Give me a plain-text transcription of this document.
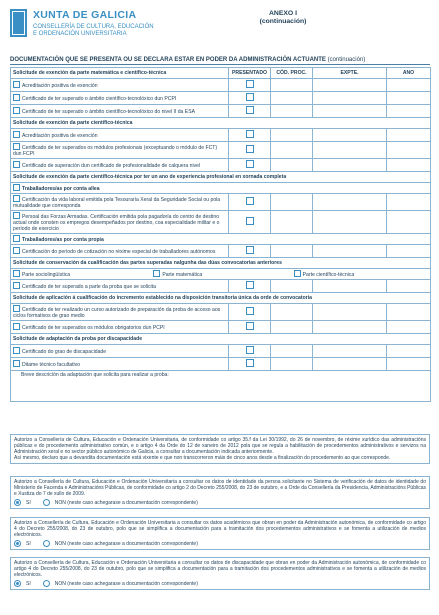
XUNTA DE GALICIA
CONSELLERÍA DE CULTURA, EDUCACIÓN
E ORDENACIÓN UNIVERSITARIA
ANEXO I
(continuación)
DOCUMENTACIÓN QUE SE PRESENTA OU SE DECLARA ESTAR EN PODER DA ADMINISTRACIÓN ACTUANTE (continuación)
Solicitude de exención da parte matemática e científico-técnica	PRESENTADO	CÓD. PROC.	EXPTE.	ANO
Acreditación positiva de exención				
Certificado de ter superado o ámbito científico-tecnolóxico dun PCPI				
Certificado de ter superado o ámbito científico-tecnolóxico do nivel II da ESA				
Solicitude de exención da parte científico-técnica				
Acreditación positiva de exención				
Certificado de ter superados os módulos profesionais (exceptuando o módulo de FCT) dun FCPI				
Certificado de superación dun certificado de profesionalidade de calquera nivel				
Solicitude de exención da parte científico-técnica por ter un ano de experiencia profesional en xornada completa				
Traballadores/as por conta allea				
Certificación da vida laboral emitida pola Tesouraría Xeral da Seguridade Social ou pola mutualidade que corresponda				
Persoal das Forzas Armadas. Certificación emitida pola pagadoría do centro de destino actual onde consten os empregos desempeñados por destino, coa especialidade militar e o período de exercicio				
Traballadores/as por conta propia				
Certificación do período de cotización no réxime especial de traballadores autónomos				
Solicitude de conservación da cualificación das partes superadas nalgunha das dúas convocatorias anteriores				

Parte sociolingüística Parte matemática Parte científico-técnica				

Certificado de ter superado a parte da proba que se solicita				
Solicitude de aplicación á cualificación do incremento establecido na disposición transitoria única da orde de convocatoria				
Certificado de ter realizado un curso autorizado de preparación da proba de acceso aos ciclos formativos de grao medio				
Certificado de ter superados os módulos obrigatorios dun PCPI				
Solicitude de adaptación da proba por discapacidade				
Certificado do grao de discapacidade				
Ditame técnico facultativo				
Breve descrición da adaptación que solicita para realizar a proba:				
Autorizo a Consellería de Cultura, Educación e Ordenación Universitaria, de conformidade co artigo 35.f da Lei 30/1992, do 26 de novembro, de réxime xurídico das administracións públicas e do procedemento administrativo común, e o artigo 4 da Orde do 12 de xaneiro de 2012 pola que se regula a habilitación de procedementos administrativos e servizos na Administración xeral e no sector público autonómico de Galicia, a consultar a documentación indicada anteriormente.
Así mesmo, declaro que a devandita documentación está vixente e que non transcorreron máis de cinco anos desde a finalización do procedemento ao que corresponde.
Autorizo a Consellería de Cultura, Educación e Ordenación Universitaria a consultar os datos de identidade da persoa solicitante no Sistema de verificación de datos de identidade do Ministerio de Facenda e Administracións Públicas, de conformidade co artigo 2 do Decreto 255/2008, do 23 de outubro, e a Orde da Consellería da Presidencia, Administracións Públicas e Xustiza do 7 de xullo de 2009.
SI	NON (neste caso achegarase a documentación correspondente)
Autorizo a Consellería de Cultura, Educación e Ordenación Universitaria a consultar os datos académicos que obran en poder da Administración autonómica, de conformidade co artigo 4 do Decreto 255/2008, do 23 de outubro, polo que se simplifica a documentación para a tramitación dos procedementos administrativos e se fomenta a utilización de medios electrónicos.
SI	NON (neste caso achegarase a documentación correspondente)
Autorizo a Consellería de Cultura, Educación e Ordenación Universitaria a consultar os datos de discapacidade que obran en poder da Administración autonómica, de conformidade co artigo 4 do Decreto 255/2008, do 23 de outubro, polo que se simplifica a documentación para a tramitación dos procedementos administrativos e se fomenta a utilización de medios electrónicos.
SI	NON (neste caso achegarase a documentación correspondente)
